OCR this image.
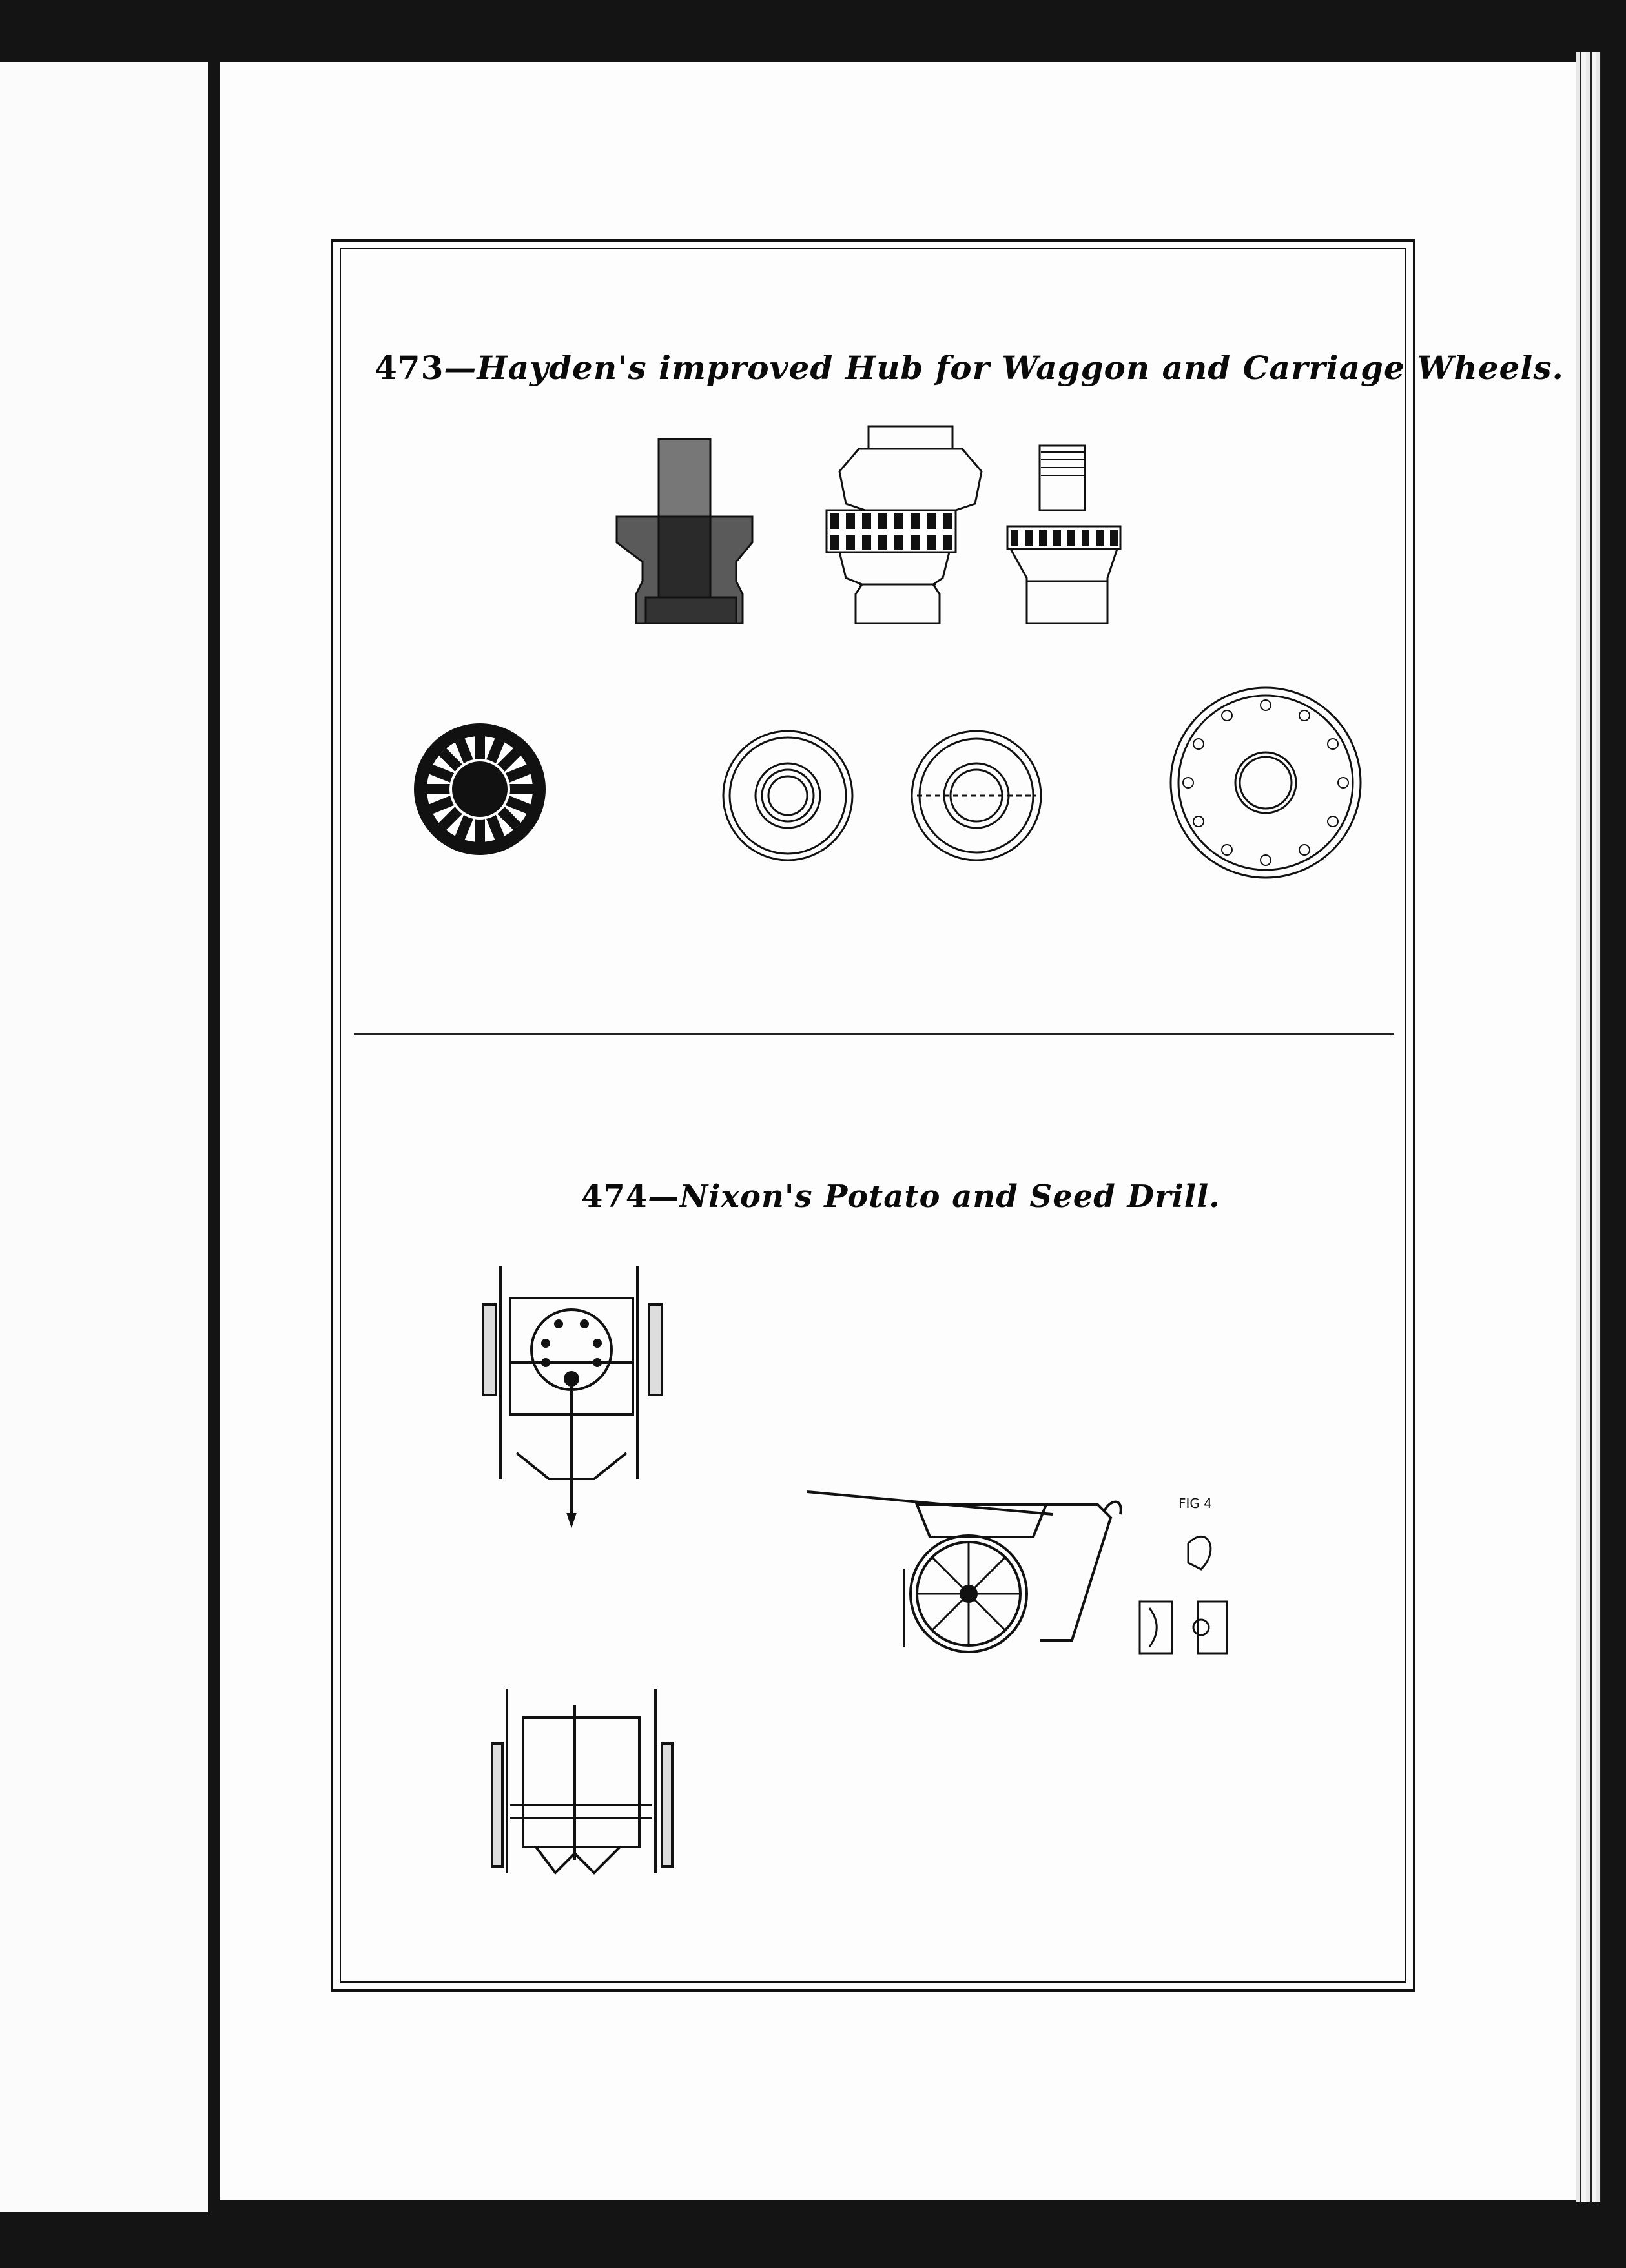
473—Hayden's improved Hub for Waggon and Carriage Wheels.
474—Nixon's Potato and Seed Drill.
FIG 4
